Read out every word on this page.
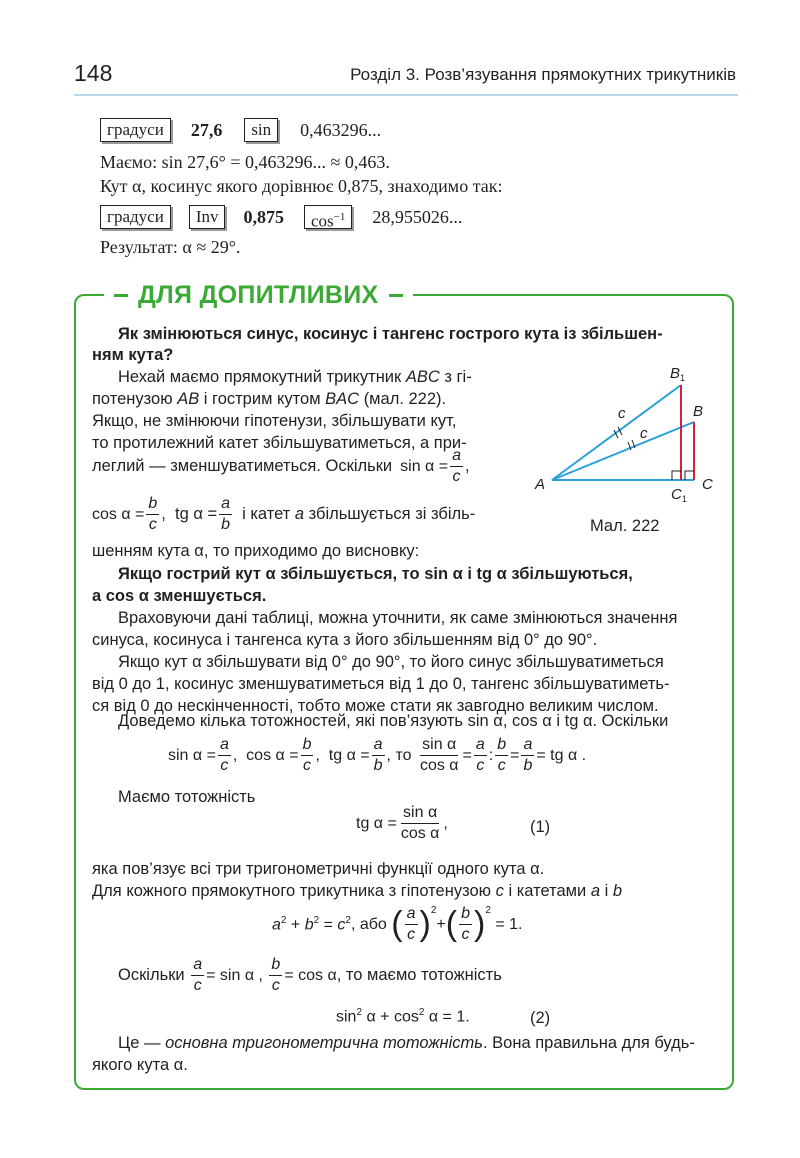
148	Розділ 3. Розв’язування прямокутних трикутників
градуси	27,6	sin	0,463296...
Маємо: sin 27,6° = 0,463296... ≈ 0,463.
Кут α, косинус якого дорівнює 0,875, знаходимо так:
градуси	Inv	0,875	$\cos^{-1}$	28,955026...
Результат: α ≈ 29°.
ДЛЯ ДОПИТЛИВИХ
Як змінюються синус, косинус і тангенс гострого кута із збільшен-
ням кута?
Нехай маємо прямокутний трикутник ABC з гі-
потенузою AB і гострим кутом BAC (мал. 222).
Якщо, не змінюючи гіпотенузи, збільшувати кут,
то протилежний катет збільшуватиметься, а при-
леглий — зменшуватиметься. Оскільки $\sin \alpha = \frac{a}{c}$ ,
$\cos \alpha = \frac{b}{c}$ ,  tg $\alpha = \frac{a}{b}$ і катет
a
збільшується зі збіль-
шенням кута α, то приходимо до висновку:
A
$B_1$
B
C
$C_1$
c
c
Мал. 222
Якщо гострий кут α збільшується, то sin α і tg α збільшуються,
a cos α зменшується.
Враховуючи дані таблиці, можна уточнити, як саме змінюються значення
синуса, косинуса і тангенса кута з його збільшенням від 0° до 90°.
Якщо кут α збільшувати від 0° до 90°, то його синус збільшуватиметься
від 0 до 1, косинус зменшуватиметься від 1 до 0, тангенс збільшуватиметь-
ся від 0 до нескінченності, тобто може стати як завгодно великим числом.
Доведемо кілька тотожностей, які пов’язують sin α, cos α і tg α. Оскільки
$\sin \alpha = \frac{a}{c}$ ,  $\cos \alpha = \frac{b}{c}$ ,  tg $\alpha = \frac{a}{b}$ , то
$\frac{\text{sin α}}{\text{cos α}} = \frac{a}{c}$ : $\frac{b}{c} = \frac{a}{b}$ = tg α .
Маємо тотожність
tg $\alpha = \frac{\text{sin α}}{\text{cos α}}$ ,	(1)
яка пов’язує всі три тригонометричні функції одного кута α.
Для кожного прямокутного трикутника з гіпотенузою c і катетами a і b
$a^2 + b^2 = c^2$ , або
( $\frac{a}{c} )^2$
+ ( $\frac{b}{c} )^2$
= 1.
Оскільки
$\frac{a}{c} = \sin \alpha$ , $\frac{b}{c} = \cos \alpha$ , то маємо тотожність
$\sin^2 \alpha + \cos^2 \alpha = 1$.	(2)
Це — основна тригонометрична тотожність. Вона правильна для будь-
якого кута α.
